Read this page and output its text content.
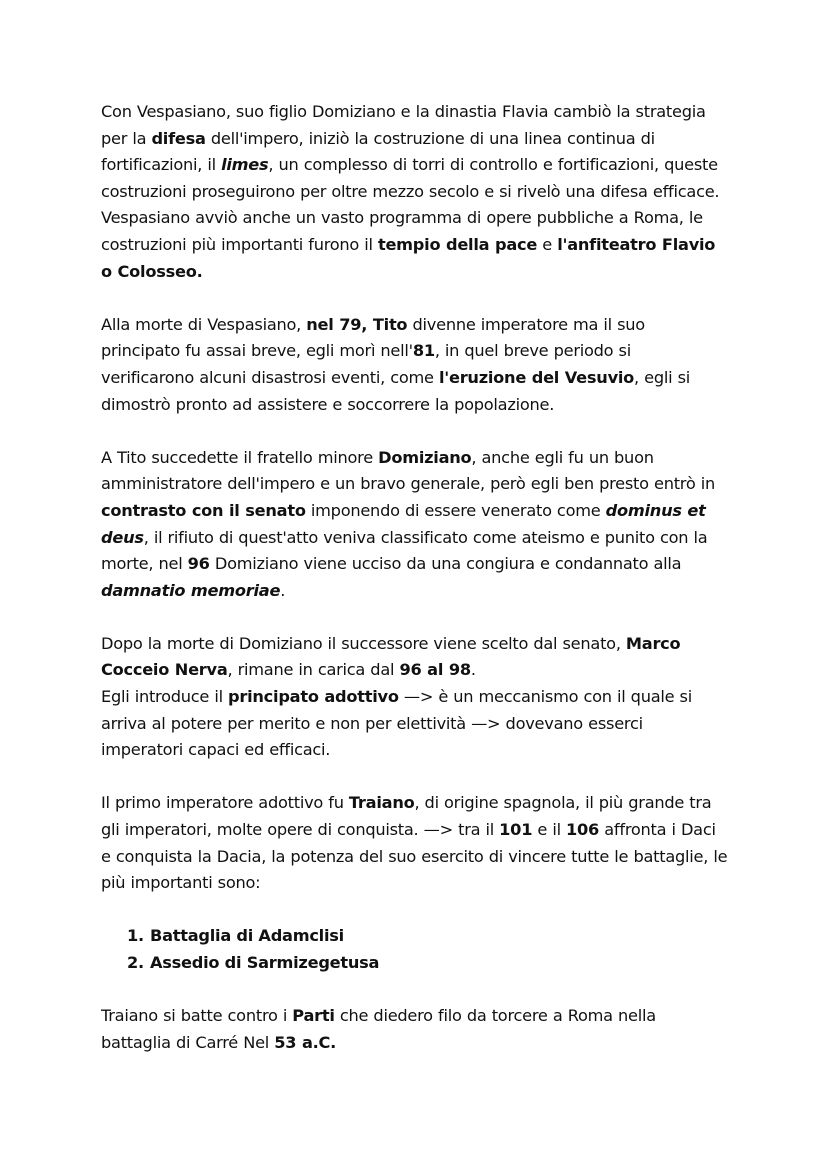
Con Vespasiano, suo figlio Domiziano e la dinastia Flavia cambiò la strategia per la difesa dell'impero, iniziò la costruzione di una linea continua di fortificazioni, il limes, un complesso di torri di controllo e fortificazioni, queste costruzioni proseguirono per oltre mezzo secolo e si rivelò una difesa efficace. Vespasiano avviò anche un vasto programma di opere pubbliche a Roma, le costruzioni più importanti furono il tempio della pace e l'anfiteatro Flavio o Colosseo.

Alla morte di Vespasiano, nel 79, Tito divenne imperatore ma il suo principato fu assai breve, egli morì nell'81, in quel breve periodo si verificarono alcuni disastrosi eventi, come l'eruzione del Vesuvio, egli si dimostrò pronto ad assistere e soccorrere la popolazione.

A Tito succedette il fratello minore Domiziano, anche egli fu un buon amministratore dell'impero e un bravo generale, però egli ben presto entrò in contrasto con il senato imponendo di essere venerato come dominus et deus, il rifiuto di quest'atto veniva classificato come ateismo e punito con la morte, nel 96 Domiziano viene ucciso da una congiura e condannato alla damnatio memoriae.

Dopo la morte di Domiziano il successore viene scelto dal senato, Marco Cocceio Nerva, rimane in carica dal 96 al 98.

Egli introduce il principato adottivo —> è un meccanismo con il quale si arriva al potere per merito e non per elettività —> dovevano esserci imperatori capaci ed efficaci.

Il primo imperatore adottivo fu Traiano, di origine spagnola, il più grande tra gli imperatori, molte opere di conquista. —> tra il 101 e il 106 affronta i Daci e conquista la Dacia, la potenza del suo esercito di vincere tutte le battaglie, le più importanti sono:

1. Battaglia di Adamclisi
2. Assedio di Sarmizegetusa

Traiano si batte contro i Parti che diedero filo da torcere a Roma nella battaglia di Carré Nel 53 a.C.
